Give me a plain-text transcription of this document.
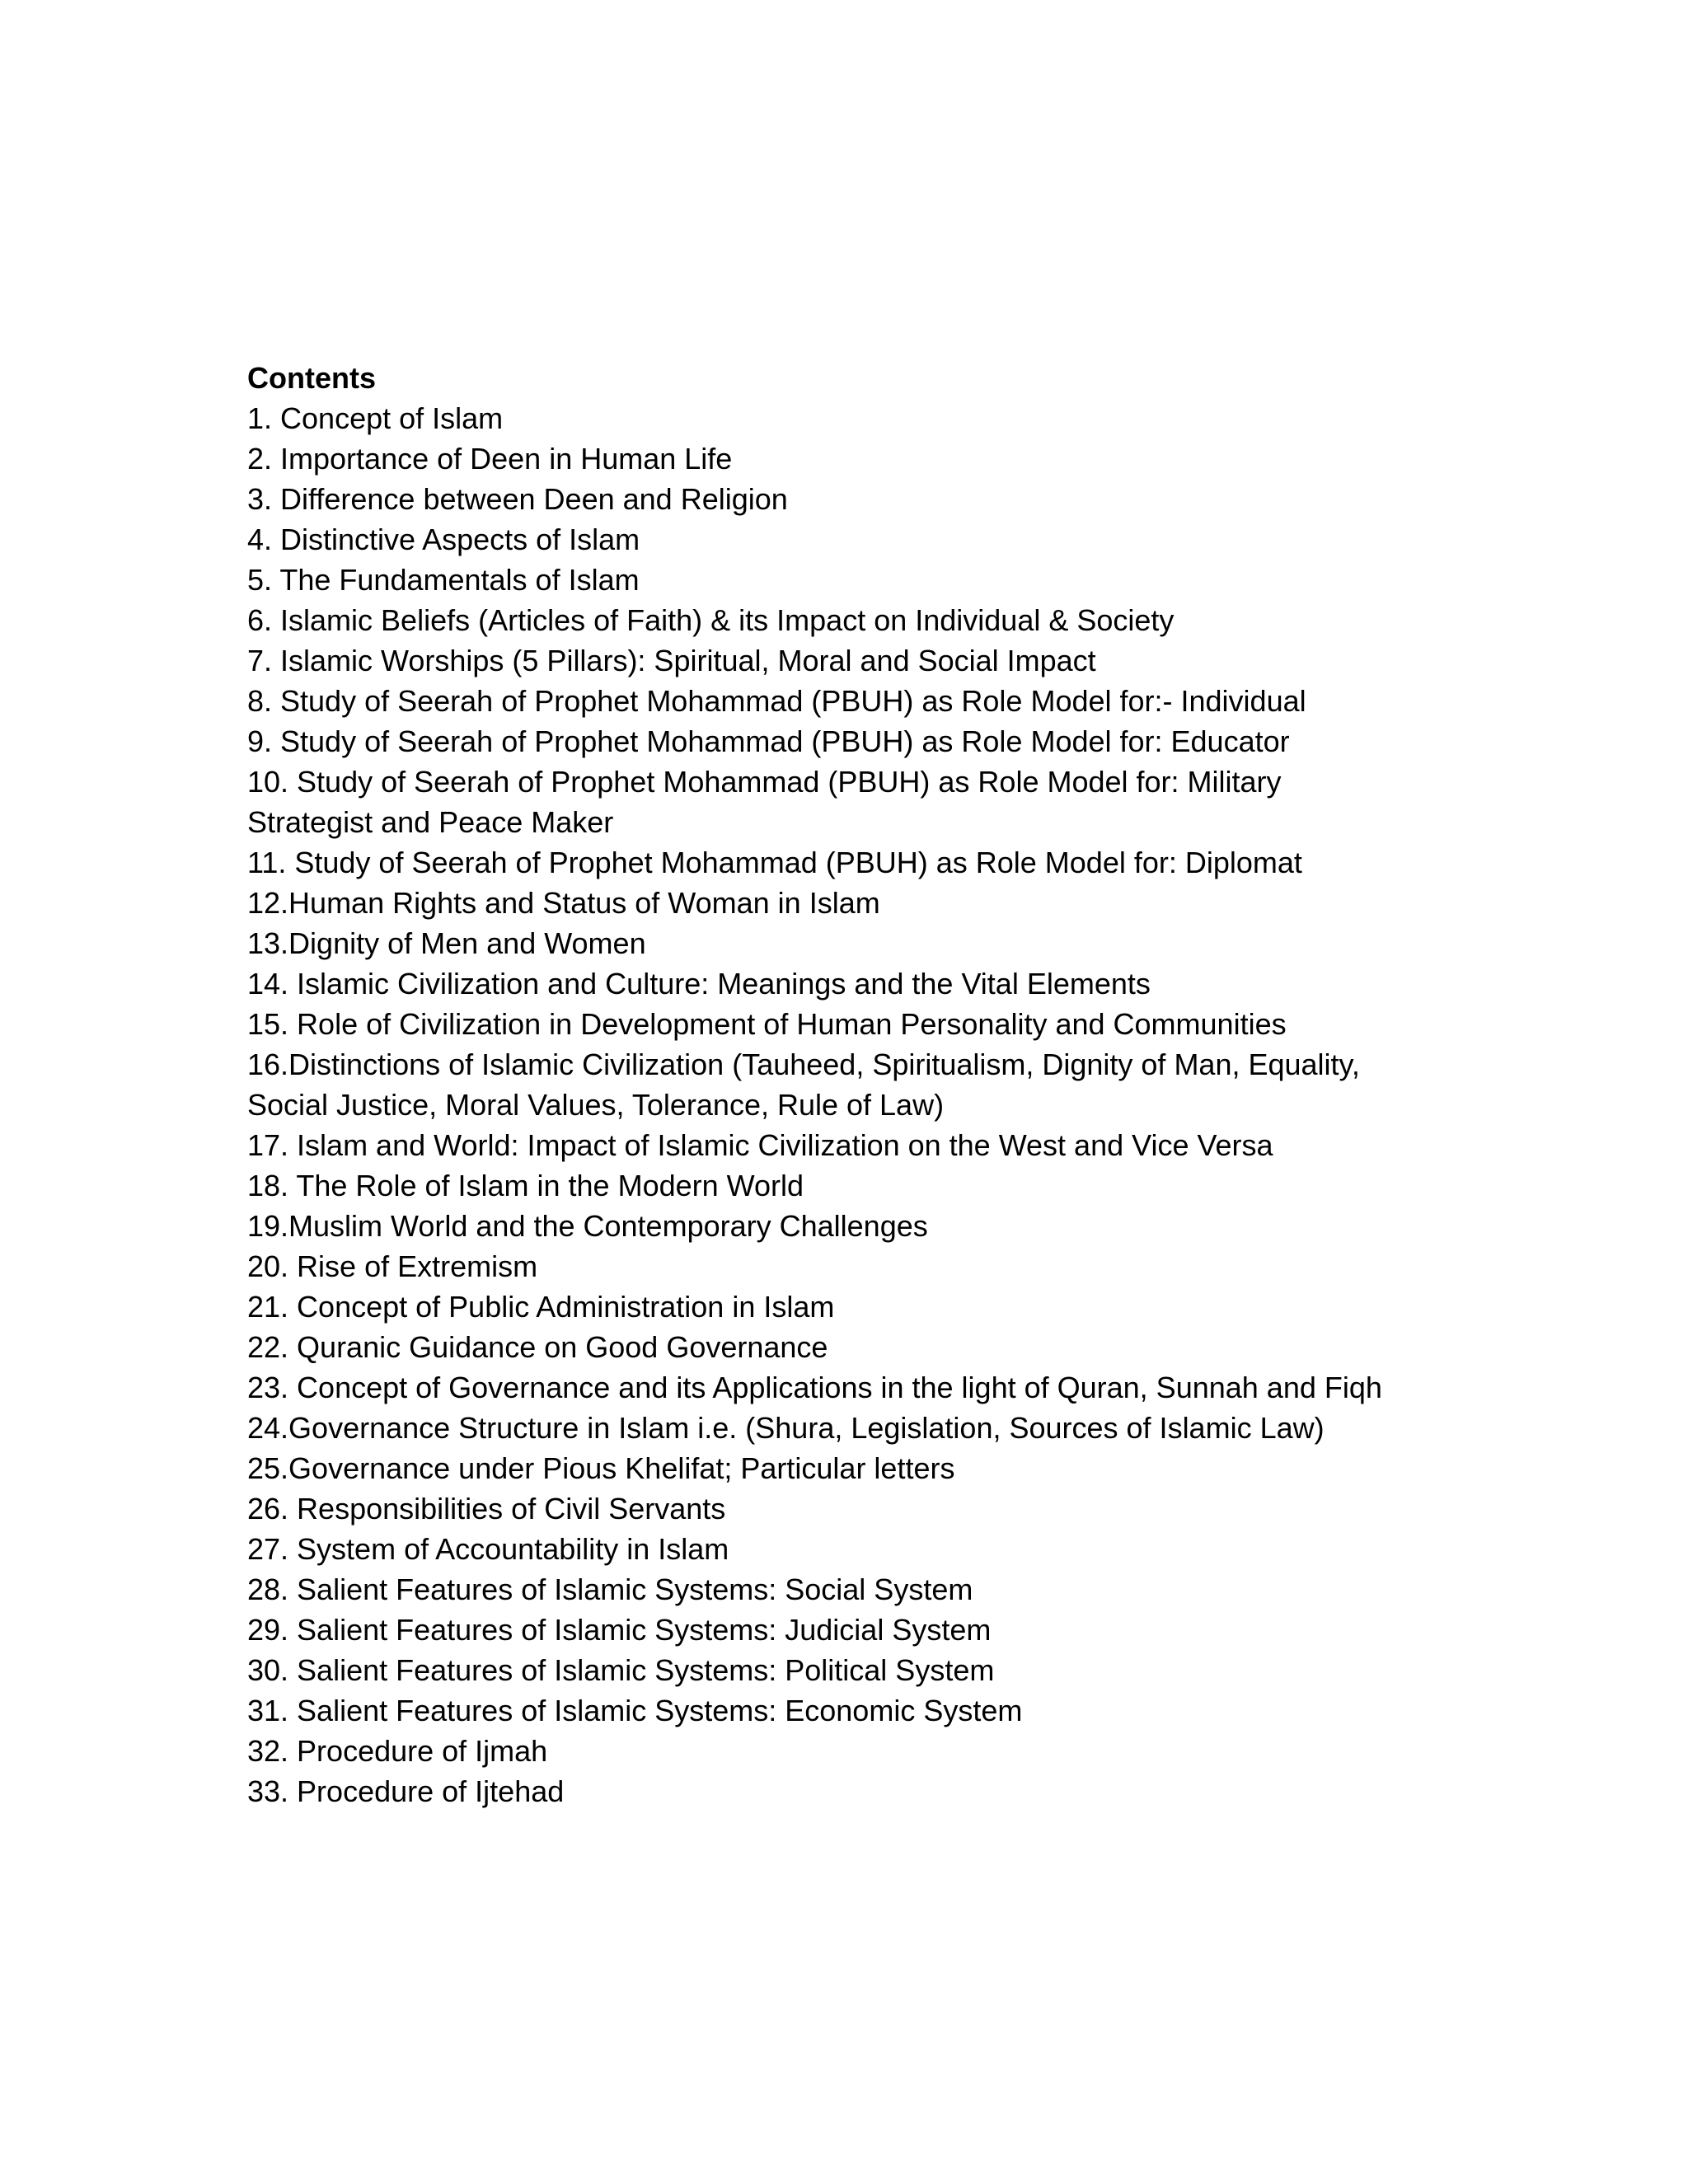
Contents

1. Concept of Islam
2. Importance of Deen in Human Life
3. Difference between Deen and Religion
4. Distinctive Aspects of Islam
5. The Fundamentals of Islam
6. Islamic Beliefs (Articles of Faith) & its Impact on Individual & Society
7. Islamic Worships (5 Pillars): Spiritual, Moral and Social Impact
8. Study of Seerah of Prophet Mohammad (PBUH) as Role Model for:- Individual
9. Study of Seerah of Prophet Mohammad (PBUH) as Role Model for: Educator
10. Study of Seerah of Prophet Mohammad (PBUH) as Role Model for: Military Strategist and Peace Maker
11. Study of Seerah of Prophet Mohammad (PBUH) as Role Model for: Diplomat
12.Human Rights and Status of Woman in Islam
13.Dignity of Men and Women
14. Islamic Civilization and Culture: Meanings and the Vital Elements
15. Role of Civilization in Development of Human Personality and Communities
16.Distinctions of Islamic Civilization (Tauheed, Spiritualism, Dignity of Man, Equality, Social Justice, Moral Values, Tolerance, Rule of Law)
17. Islam and World: Impact of Islamic Civilization on the West and Vice Versa
18. The Role of Islam in the Modern World
19.Muslim World and the Contemporary Challenges
20. Rise of Extremism
21. Concept of Public Administration in Islam
22. Quranic Guidance on Good Governance
23. Concept of Governance and its Applications in the light of Quran, Sunnah and Fiqh
24.Governance Structure in Islam i.e. (Shura, Legislation, Sources of Islamic Law)
25.Governance under Pious Khelifat; Particular letters
26. Responsibilities of Civil Servants
27. System of Accountability in Islam
28. Salient Features of Islamic Systems: Social System
29. Salient Features of Islamic Systems: Judicial System
30. Salient Features of Islamic Systems: Political System
31. Salient Features of Islamic Systems: Economic System
32. Procedure of Ijmah
33. Procedure of Ijtehad
